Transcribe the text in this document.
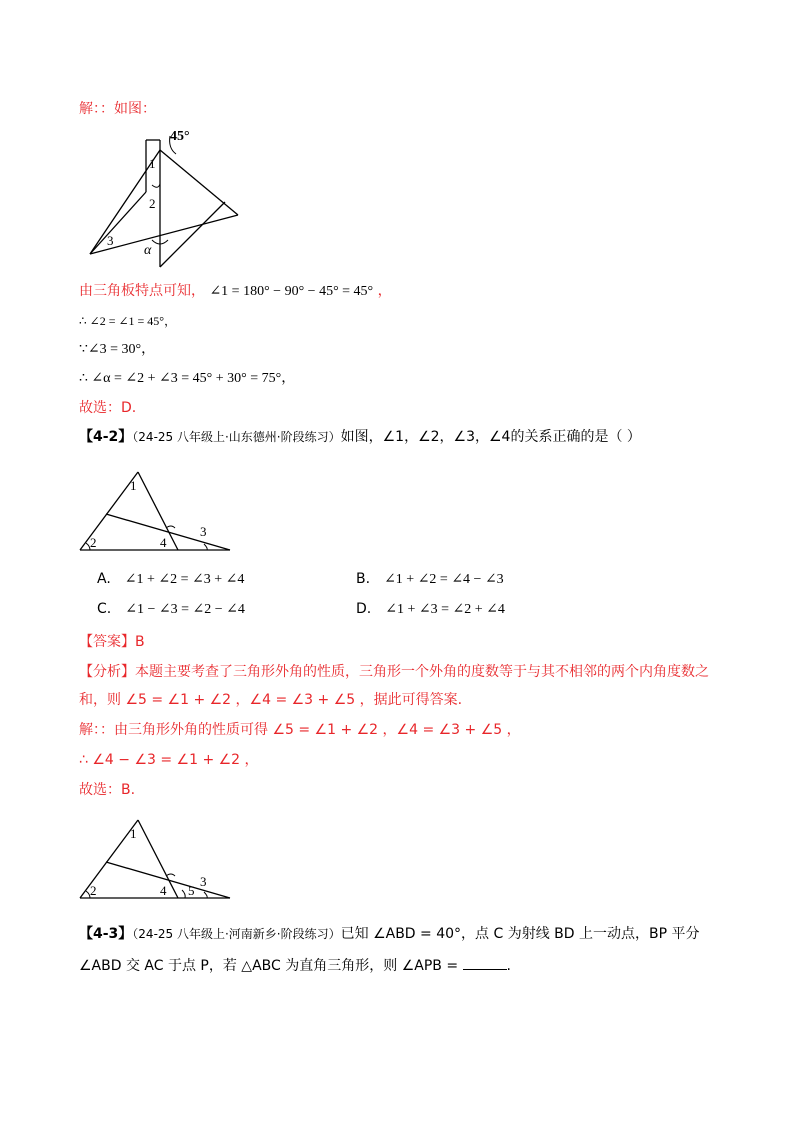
解：：如图：
45°
1
2
3
α
由三角板特点可知， ∠1 = 180° − 90° − 45° = 45° ，
∴ ∠2 = ∠1 = 45°，
∵∠3 = 30°，
∴ ∠α = ∠2 + ∠3 = 45° + 30° = 75°，
故选：D.
【4-2】（24-25 八年级上·山东德州·阶段练习）如图，∠1，∠2，∠3，∠4的关系正确的是（ ）
1
2
3
4
A. ∠1 + ∠2 = ∠3 + ∠4	B. ∠1 + ∠2 = ∠4 − ∠3
C. ∠1 − ∠3 = ∠2 − ∠4	D. ∠1 + ∠3 = ∠2 + ∠4
【答案】B
【分析】本题主要考查了三角形外角的性质，三角形一个外角的度数等于与其不相邻的两个内角度数之
和，则 ∠5 = ∠1 + ∠2 ，∠4 = ∠3 + ∠5 ，据此可得答案.
解：：由三角形外角的性质可得 ∠5 = ∠1 + ∠2 ，∠4 = ∠3 + ∠5 ，
∴ ∠4 − ∠3 = ∠1 + ∠2 ，
故选：B.
1
2
3
4 5
【4-3】（24-25 八年级上·河南新乡·阶段练习）已知 ∠ABD = 40°，点 C 为射线 BD 上一动点，BP 平分
∠ABD 交 AC 于点 P，若 △ABC 为直角三角形，则 ∠APB =	.
